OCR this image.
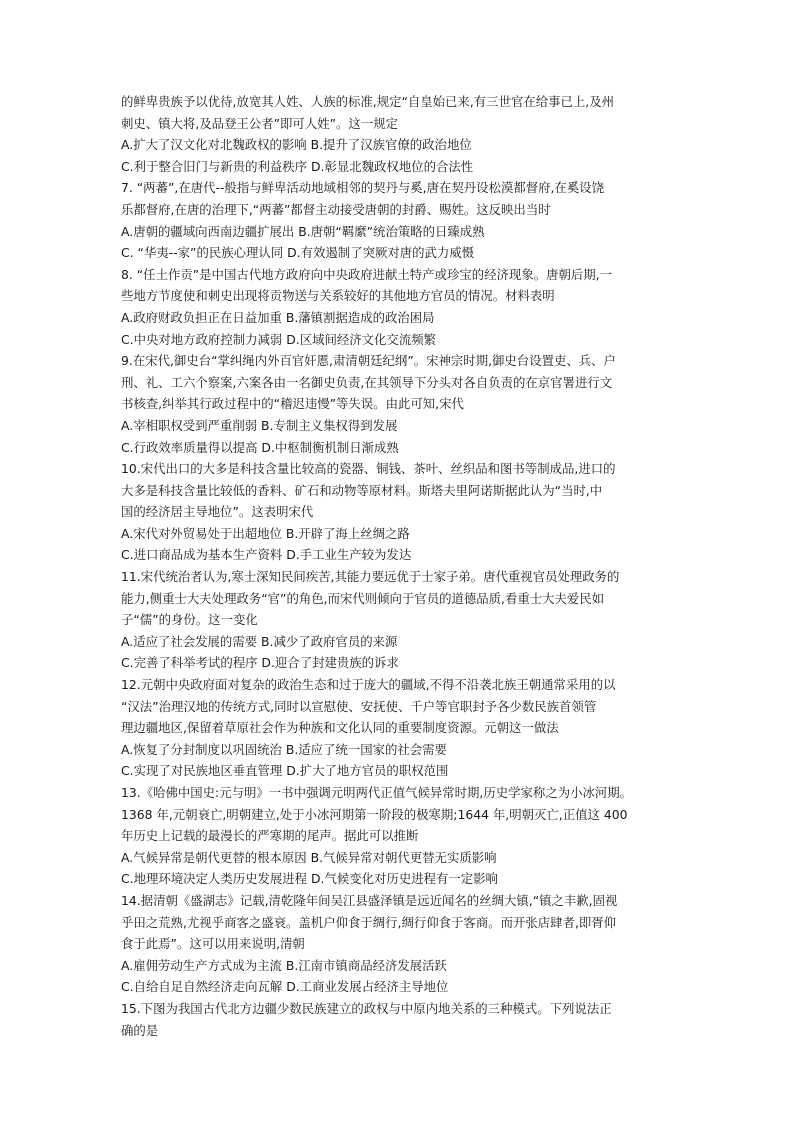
的鲜卑贵族予以优待,放宽其人姓、人族的标准,规定“自皇始已来,有三世官在给事已上,及州
刺史、镇大将,及品登王公者”即可人姓”。这一规定
A.扩大了汉文化对北魏政权的影响 B.提升了汉族官僚的政治地位
C.利于整合旧门与新贵的利益秩序 D.彰显北魏政权地位的合法性
7. “两蕃”,在唐代--般指与鲜卑活动地域相邻的契丹与奚,唐在契丹设松漠都督府,在奚设饶
乐都督府,在唐的治理下,“两蕃”都督主动接受唐朝的封爵、赐姓。这反映出当时
A.唐朝的疆域向西南边疆扩展出 B.唐朝“羁縻”统治策略的日臻成熟
C. “华夷--家”的民族心理认同 D.有效遏制了突厥对唐的武力威慑
8. “任土作贡”是中国古代地方政府向中央政府进献土特产或珍宝的经济现象。唐朝后期,一
些地方节度使和刺史出现将贡物送与关系较好的其他地方官员的情况。材料表明
A.政府财政负担正在日益加重 B.藩镇割据造成的政治困局
C.中央对地方政府控制力减弱 D.区域间经济文化交流频繁
9.在宋代,御史台“掌纠绳内外百官奸慝,肃清朝廷纪纲”。宋神宗时期,御史台设置吏、兵、户
刑、礼、工六个察案,六案各由一名御史负责,在其领导下分头对各自负责的在京官署进行文
书核查,纠举其行政过程中的“稽迟违慢”等失误。由此可知,宋代
A.宰相职权受到严重削弱 B.专制主义集权得到发展
C.行政效率质量得以提高 D.中枢制衡机制日渐成熟
10.宋代出口的大多是科技含量比较高的瓷器、铜钱、茶叶、丝织品和图书等制成品,进口的
大多是科技含量比较低的香料、矿石和动物等原材料。斯塔夫里阿诺斯据此认为“当时,中
国的经济居主导地位”。这表明宋代
A.宋代对外贸易处于出超地位 B.开辟了海上丝绸之路
C.进口商品成为基本生产资料 D.手工业生产较为发达
11.宋代统治者认为,寒士深知民间疾苦,其能力要远优于士家子弟。唐代重视官员处理政务的
能力,侧重士大夫处理政务“官”的角色,而宋代则倾向于官员的道德品质,看重士大夫爱民如
子“儒”的身份。这一变化
A.适应了社会发展的需要 B.减少了政府官员的来源
C.完善了科举考试的程序 D.迎合了封建贵族的诉求
12.元朝中央政府面对复杂的政治生态和过于庞大的疆域,不得不沿袭北族王朝通常采用的以
“汉法”治理汉地的传统方式,同时以宣慰使、安抚使、千户等官职封予各少数民族首领管
理边疆地区,保留着草原社会作为种族和文化认同的重要制度资源。元朝这一做法
A.恢复了分封制度以巩固统治 B.适应了统一国家的社会需要
C.实现了对民族地区垂直管理 D.扩大了地方官员的职权范围
13.《哈佛中国史:元与明》一书中强调元明两代正值气候异常时期,历史学家称之为小冰河期。
1368 年,元朝衰亡,明朝建立,处于小冰河期第一阶段的极寒期;1644 年,明朝灭亡,正值这 400
年历史上记载的最漫长的严寒期的尾声。据此可以推断
A.气候异常是朝代更替的根本原因 B.气候异常对朝代更替无实质影响
C.地理环境决定人类历史发展进程 D.气候变化对历史进程有一定影响
14.据清朝《盛湖志》记载,清乾隆年间吴江县盛泽镇是远近闻名的丝绸大镇,“镇之丰歉,固视
乎田之荒熟,尤视乎商客之盛衰。盖机户仰食于绸行,绸行仰食于客商。而开张店肆者,即胥仰
食于此焉”。这可以用来说明,清朝
A.雇佣劳动生产方式成为主流 B.江南市镇商品经济发展活跃
C.自给自足自然经济走向瓦解 D.工商业发展占经济主导地位
15.下图为我国古代北方边疆少数民族建立的政权与中原内地关系的三种模式。下列说法正
确的是
